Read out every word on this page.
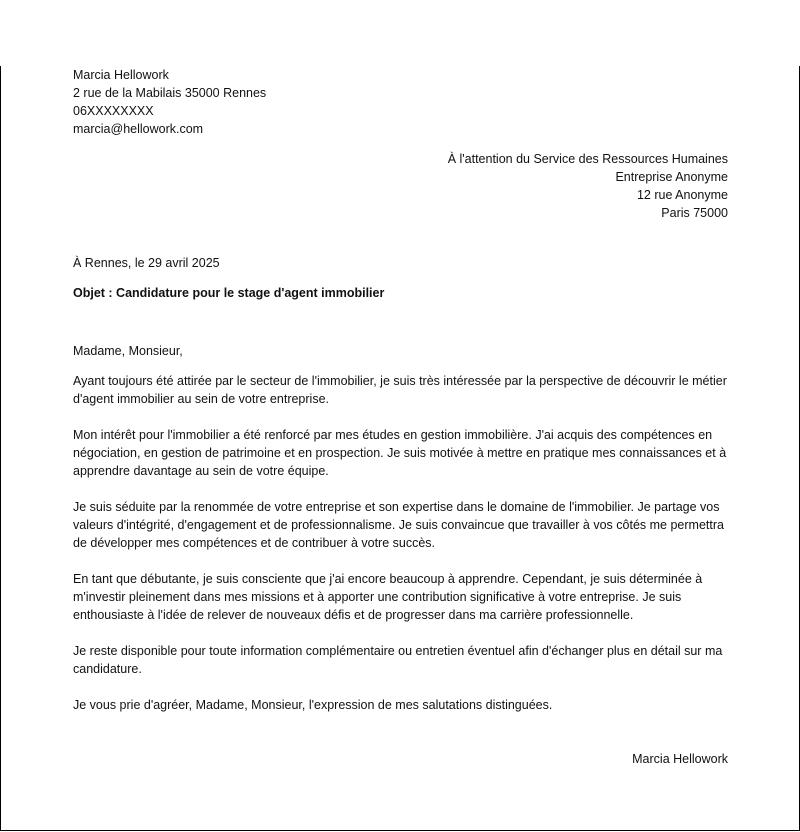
Marcia Hellowork
2 rue de la Mabilais 35000 Rennes
06XXXXXXXX
marcia@hellowork.com
À l'attention du Service des Ressources Humaines
Entreprise Anonyme
12 rue Anonyme
Paris 75000
À Rennes, le 29 avril 2025
Objet : Candidature pour le stage d'agent immobilier
Madame, Monsieur,
Ayant toujours été attirée par le secteur de l'immobilier, je suis très intéressée par la perspective de découvrir le métier d'agent immobilier au sein de votre entreprise.
Mon intérêt pour l'immobilier a été renforcé par mes études en gestion immobilière. J'ai acquis des compétences en négociation, en gestion de patrimoine et en prospection. Je suis motivée à mettre en pratique mes connaissances et à apprendre davantage au sein de votre équipe.
Je suis séduite par la renommée de votre entreprise et son expertise dans le domaine de l'immobilier. Je partage vos valeurs d'intégrité, d'engagement et de professionnalisme. Je suis convaincue que travailler à vos côtés me permettra de développer mes compétences et de contribuer à votre succès.
En tant que débutante, je suis consciente que j'ai encore beaucoup à apprendre. Cependant, je suis déterminée à m'investir pleinement dans mes missions et à apporter une contribution significative à votre entreprise. Je suis enthousiaste à l'idée de relever de nouveaux défis et de progresser dans ma carrière professionnelle.
Je reste disponible pour toute information complémentaire ou entretien éventuel afin d'échanger plus en détail sur ma candidature.
Je vous prie d'agréer, Madame, Monsieur, l'expression de mes salutations distinguées.
Marcia Hellowork
